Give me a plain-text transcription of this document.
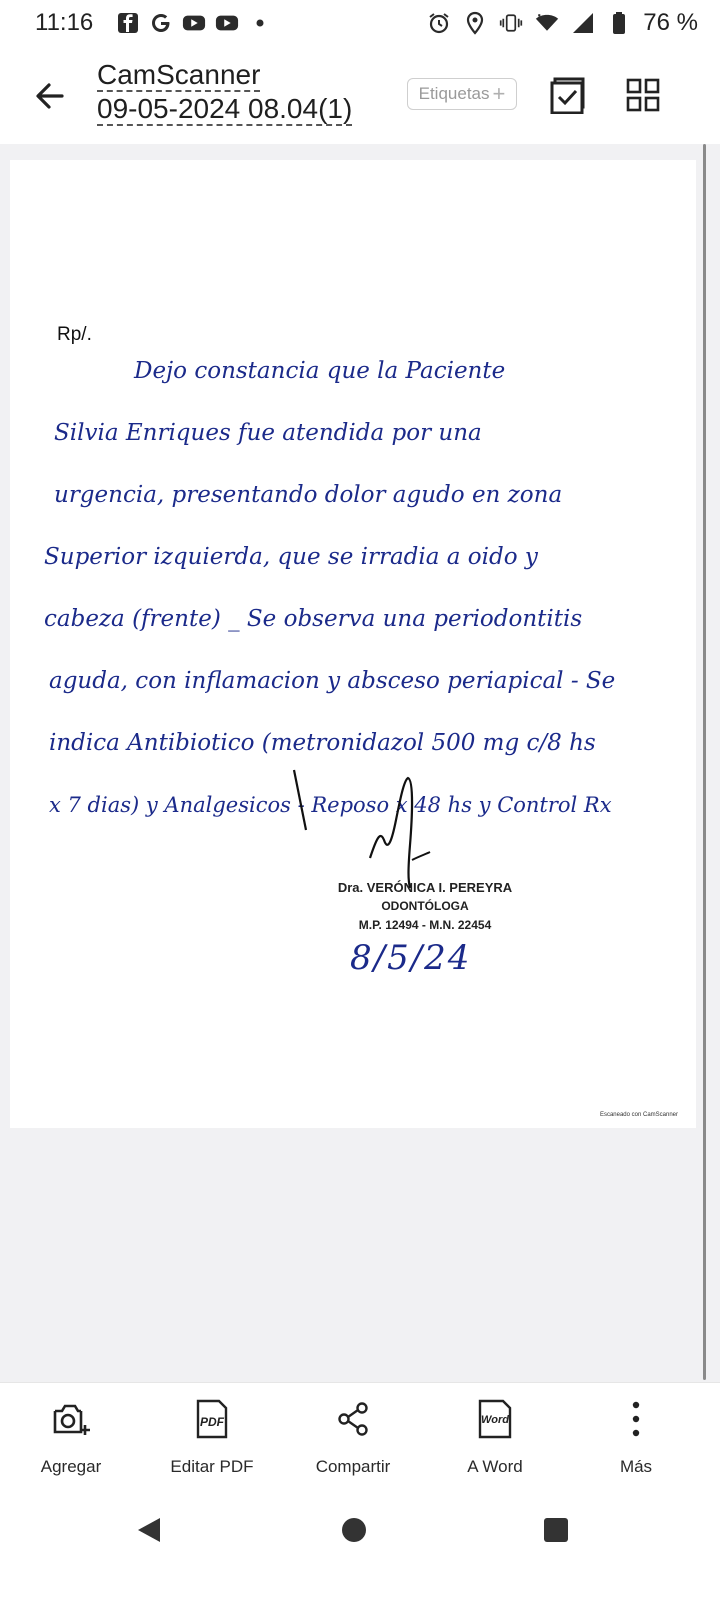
11:16	76 %
CamScanner
09-05-2024 08.04(1)	Etiquetas +
Rp/.
Dejo constancia que la Paciente
Silvia Enriques fue atendida por una
urgencia, presentando dolor agudo en zona
Superior izquierda, que se irradia a oido y
cabeza (frente) _ Se observa una periodontitis
aguda, con inflamacion y absceso periapical - Se
indica Antibiotico (metronidazol 500 mg c/8 hs
x 7 dias) y Analgesicos - Reposo x 48 hs y Control Rx
Dra. VERÓNICA I. PEREYRA
ODONTÓLOGA
M.P. 12494 - M.N. 22454
8/5/24
Escaneado con CamScanner
Agregar
PDF
Editar PDF	Compartir
Word
A Word	Más
